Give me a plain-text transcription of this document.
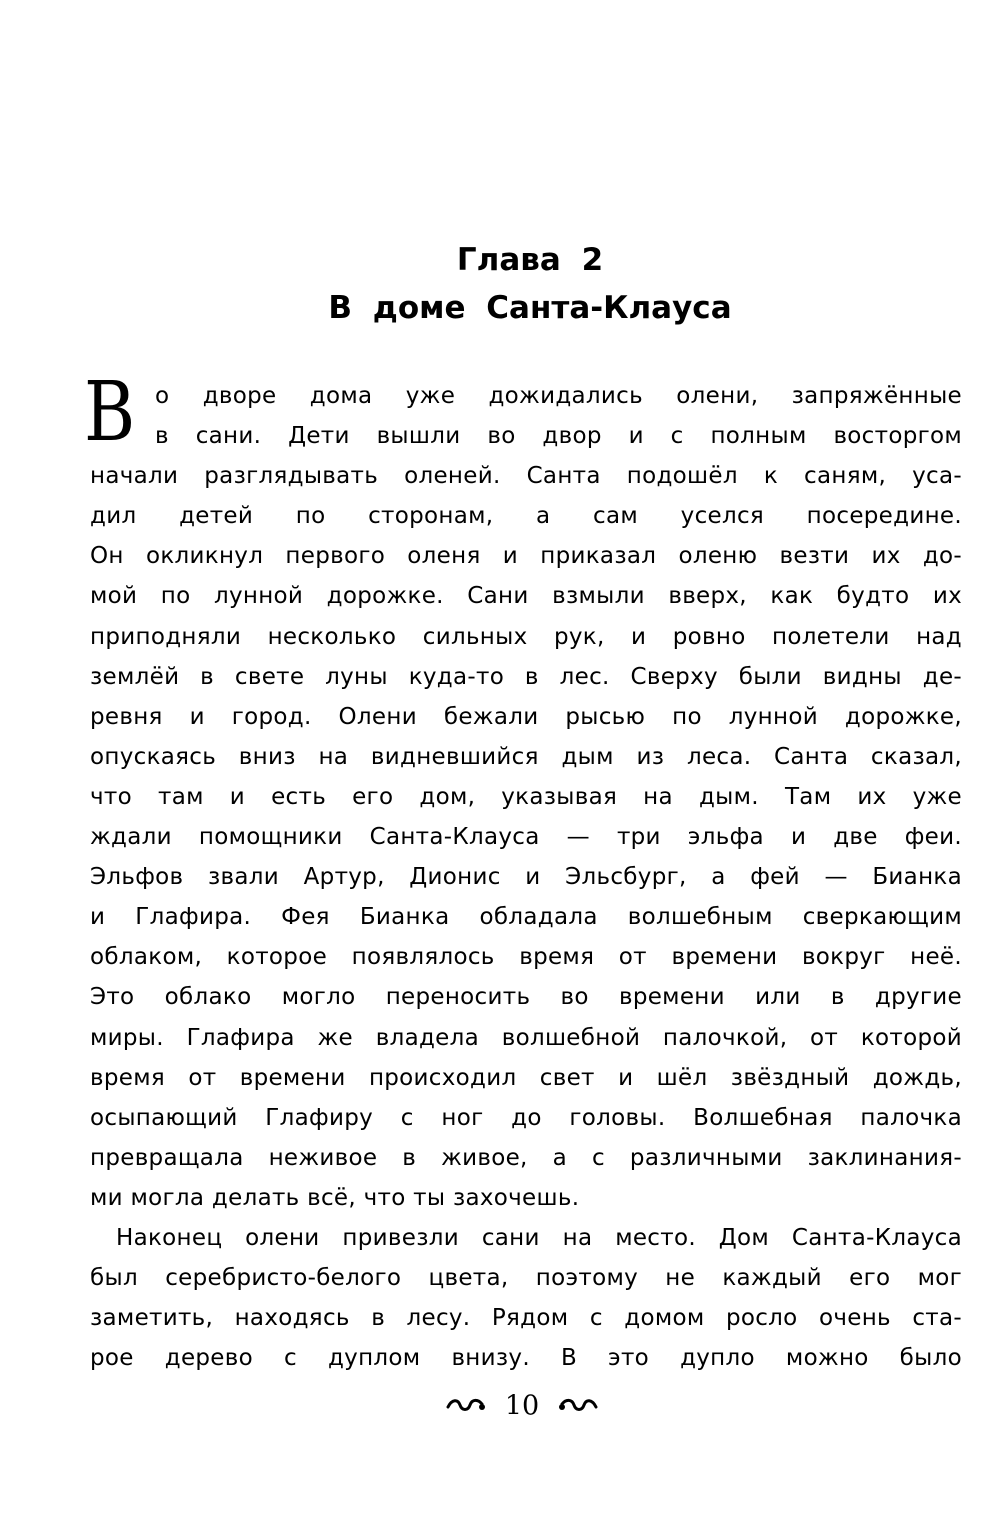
Глава 2
В доме Санта-Клауса
В о дворе дома уже дожидались олени, запряжённые
в сани. Дети вышли во двор и с полным восторгом
начали разглядывать оленей. Санта подошёл к саням, уса-
дил детей по сторонам, а сам уселся посередине.
Он окликнул первого оленя и приказал оленю везти их до-
мой по лунной дорожке. Сани взмыли вверх, как будто их
приподняли несколько сильных рук, и ровно полетели над
землёй в свете луны куда-то в лес. Сверху были видны де-
ревня и город. Олени бежали рысью по лунной дорожке,
опускаясь вниз на видневшийся дым из леса. Санта сказал,
что там и есть его дом, указывая на дым. Там их уже
ждали помощники Санта-Клауса — три эльфа и две феи.
Эльфов звали Артур, Дионис и Эльсбург, а фей — Бианка
и Глафира. Фея Бианка обладала волшебным сверкающим
облаком, которое появлялось время от времени вокруг неё.
Это облако могло переносить во времени или в другие
миры. Глафира же владела волшебной палочкой, от которой
время от времени происходил свет и шёл звёздный дождь,
осыпающий Глафиру с ног до головы. Волшебная палочка
превращала неживое в живое, а с различными заклинания-
ми могла делать всё, что ты захочешь.
Наконец олени привезли сани на место. Дом Санта-Клауса
был серебристо-белого цвета, поэтому не каждый его мог
заметить, находясь в лесу. Рядом с домом росло очень ста-
рое дерево с дуплом внизу. В это дупло можно было
10
